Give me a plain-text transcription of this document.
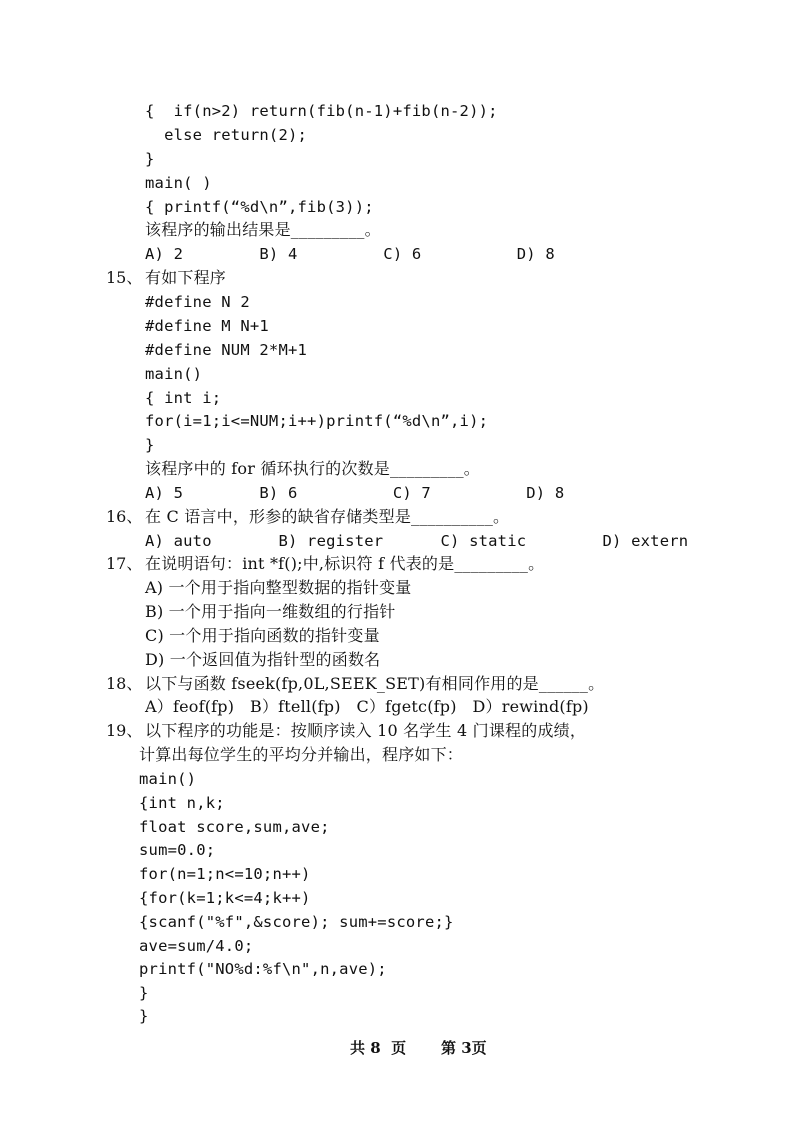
{  if(n>2) return(fib(n-1)+fib(n-2));
else return(2);
}
main( )
{ printf(“%d\n”,fib(3));
该程序的输出结果是_________。
A) 2        B) 4         C) 6          D) 8
15、 有如下程序
#define N 2
#define M N+1
#define NUM 2*M+1
main()
{ int i;
for(i=1;i<=NUM;i++)printf(“%d\n”,i);
}
该程序中的 for 循环执行的次数是_________。
A) 5        B) 6          C) 7          D) 8
16、 在 C 语言中，形参的缺省存储类型是__________。
A) auto       B) register      C) static        D) extern
17、 在说明语句：int *f();中,标识符 f 代表的是_________。
A) 一个用于指向整型数据的指针变量
B) 一个用于指向一维数组的行指针
C) 一个用于指向函数的指针变量
D) 一个返回值为指针型的函数名
18、 以下与函数 fseek(fp,0L,SEEK_SET)有相同作用的是______。
A）feof(fp)   B）ftell(fp)   C）fgetc(fp)   D）rewind(fp)
19、 以下程序的功能是：按顺序读入 10 名学生 4 门课程的成绩，
计算出每位学生的平均分并输出，程序如下：
main()
{int n,k;
float score,sum,ave;
sum=0.0;
for(n=1;n<=10;n++)
{for(k=1;k<=4;k++)
{scanf("%f",&score); sum+=score;}
ave=sum/4.0;
printf("NO%d:%f\n",n,ave);
}
}
共 8  页 第 3页
